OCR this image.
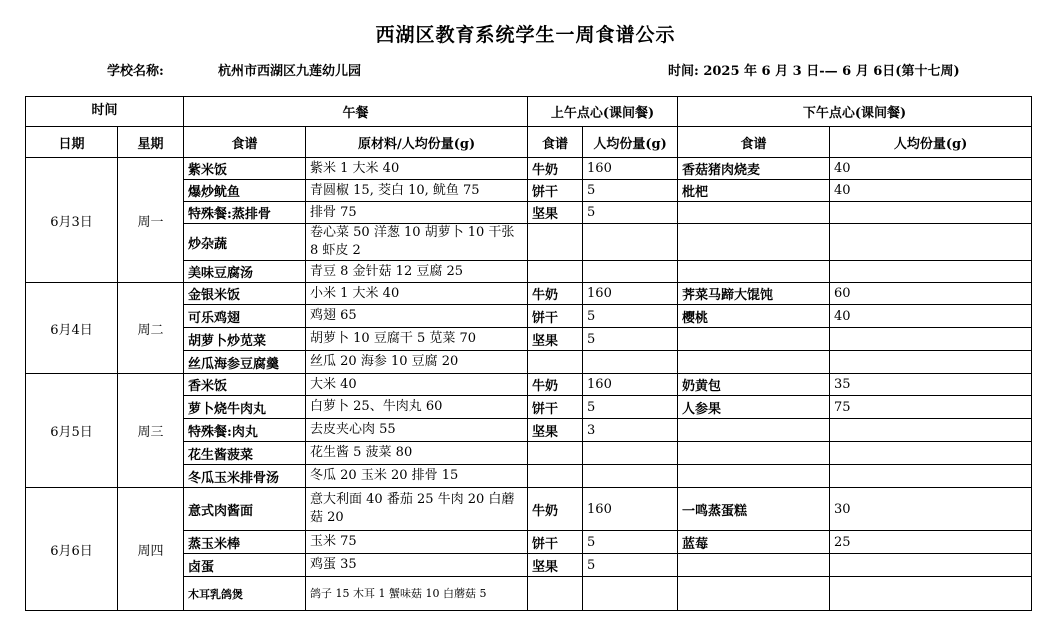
西湖区教育系统学生一周食谱公示
学校名称:	杭州市西湖区九莲幼儿园	时间: 2025 年 6 月 3 日-— 6 月 6日(第十七周)
时间		午餐		上午点心(课间餐)		下午点心(课间餐)	
日期	星期	食谱	原材料/人均份量(g)	食谱	人均份量(g)	食谱	人均份量(g)
6月3日	周一	紫米饭	紫米 1 大米 40	牛奶	160	香菇猪肉烧麦	40
		爆炒鱿鱼	青圆椒 15, 茭白 10, 鱿鱼 75	饼干	5	枇杷	40
		特殊餐:蒸排骨	排骨 75	坚果	5		
		炒杂蔬	卷心菜 50 洋葱 10 胡萝卜 10 干张 8 虾皮 2				
		美味豆腐汤	青豆 8 金针菇 12 豆腐 25				
6月4日	周二	金银米饭	小米 1 大米 40	牛奶	160	荠菜马蹄大馄饨	60
		可乐鸡翅	鸡翅 65	饼干	5	樱桃	40
		胡萝卜炒苋菜	胡萝卜 10 豆腐干 5 苋菜 70	坚果	5		
		丝瓜海参豆腐羹	丝瓜 20 海参 10 豆腐 20				
6月5日	周三	香米饭	大米 40	牛奶	160	奶黄包	35
		萝卜烧牛肉丸	白萝卜 25、牛肉丸 60	饼干	5	人参果	75
		特殊餐:肉丸	去皮夹心肉 55	坚果	3		
		花生酱菠菜	花生酱 5 菠菜 80				
		冬瓜玉米排骨汤	冬瓜 20 玉米 20 排骨 15				
6月6日	周四	意式肉酱面	意大利面 40 番茄 25 牛肉 20 白蘑菇 20	牛奶	160	一鸣蒸蛋糕	30
		蒸玉米棒	玉米 75	饼干	5	蓝莓	25
		卤蛋	鸡蛋 35	坚果	5		
		木耳乳鸽煲	鸽子 15 木耳 1 蟹味菇 10 白蘑菇 5				
